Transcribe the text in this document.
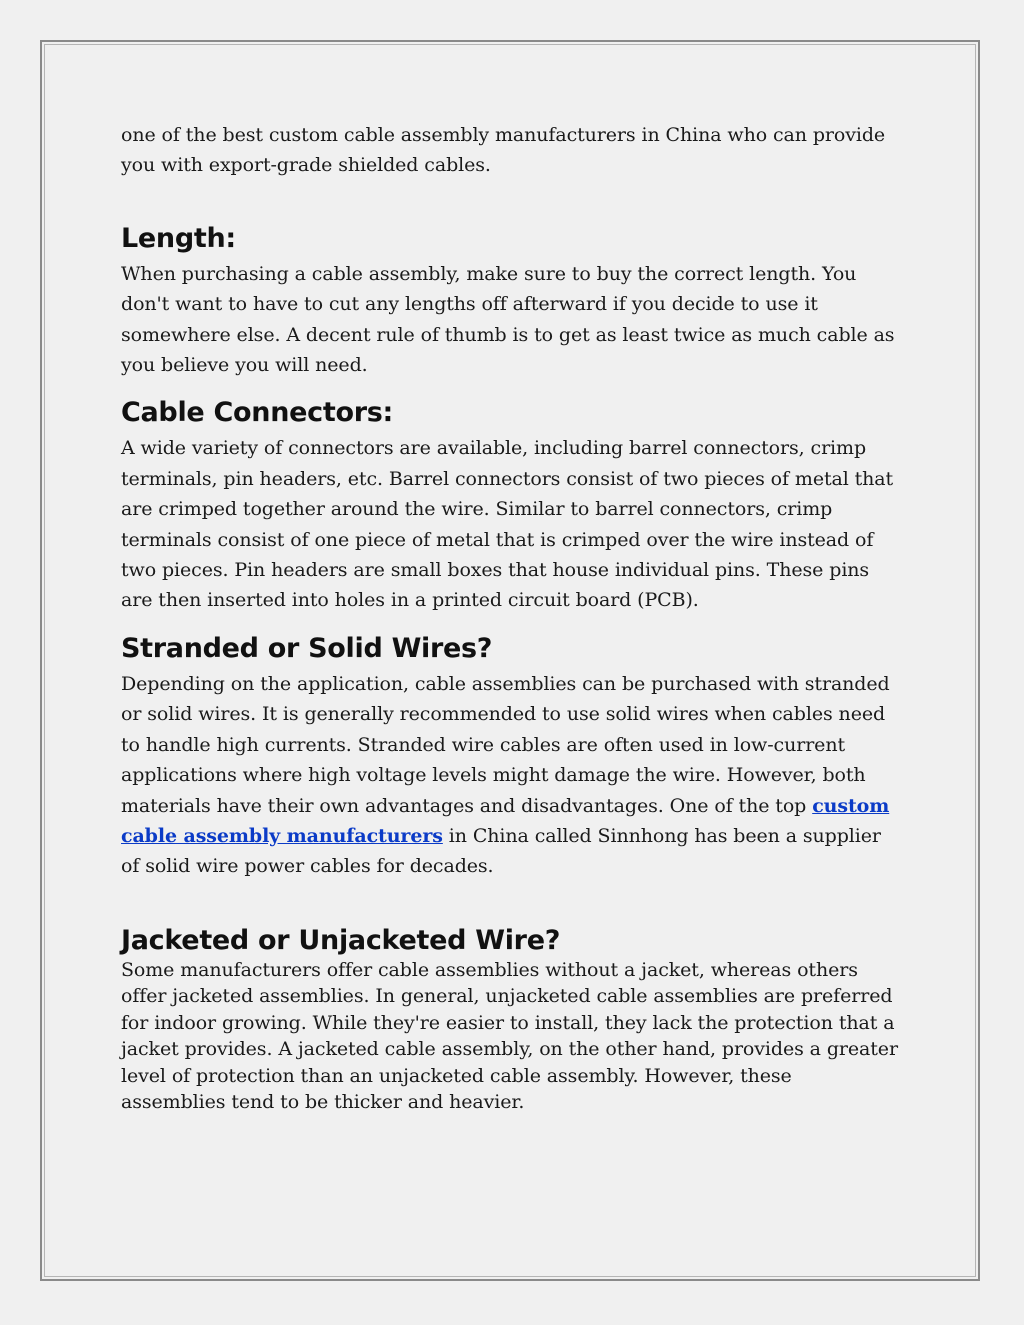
one of the best custom cable assembly manufacturers in China who can provide you with export-grade shielded cables.

Length:

When purchasing a cable assembly, make sure to buy the correct length. You don't want to have to cut any lengths off afterward if you decide to use it somewhere else. A decent rule of thumb is to get as least twice as much cable as you believe you will need.

Cable Connectors:

A wide variety of connectors are available, including barrel connectors, crimp terminals, pin headers, etc. Barrel connectors consist of two pieces of metal that are crimped together around the wire. Similar to barrel connectors, crimp terminals consist of one piece of metal that is crimped over the wire instead of two pieces. Pin headers are small boxes that house individual pins. These pins are then inserted into holes in a printed circuit board (PCB).

Stranded or Solid Wires?

Depending on the application, cable assemblies can be purchased with stranded or solid wires. It is generally recommended to use solid wires when cables need to handle high currents. Stranded wire cables are often used in low-current applications where high voltage levels might damage the wire. However, both materials have their own advantages and disadvantages. One of the top custom cable assembly manufacturers in China called Sinnhong has been a supplier of solid wire power cables for decades.

Jacketed or Unjacketed Wire?

Some manufacturers offer cable assemblies without a jacket, whereas others offer jacketed assemblies. In general, unjacketed cable assemblies are preferred for indoor growing. While they're easier to install, they lack the protection that a jacket provides. A jacketed cable assembly, on the other hand, provides a greater level of protection than an unjacketed cable assembly. However, these assemblies tend to be thicker and heavier.
